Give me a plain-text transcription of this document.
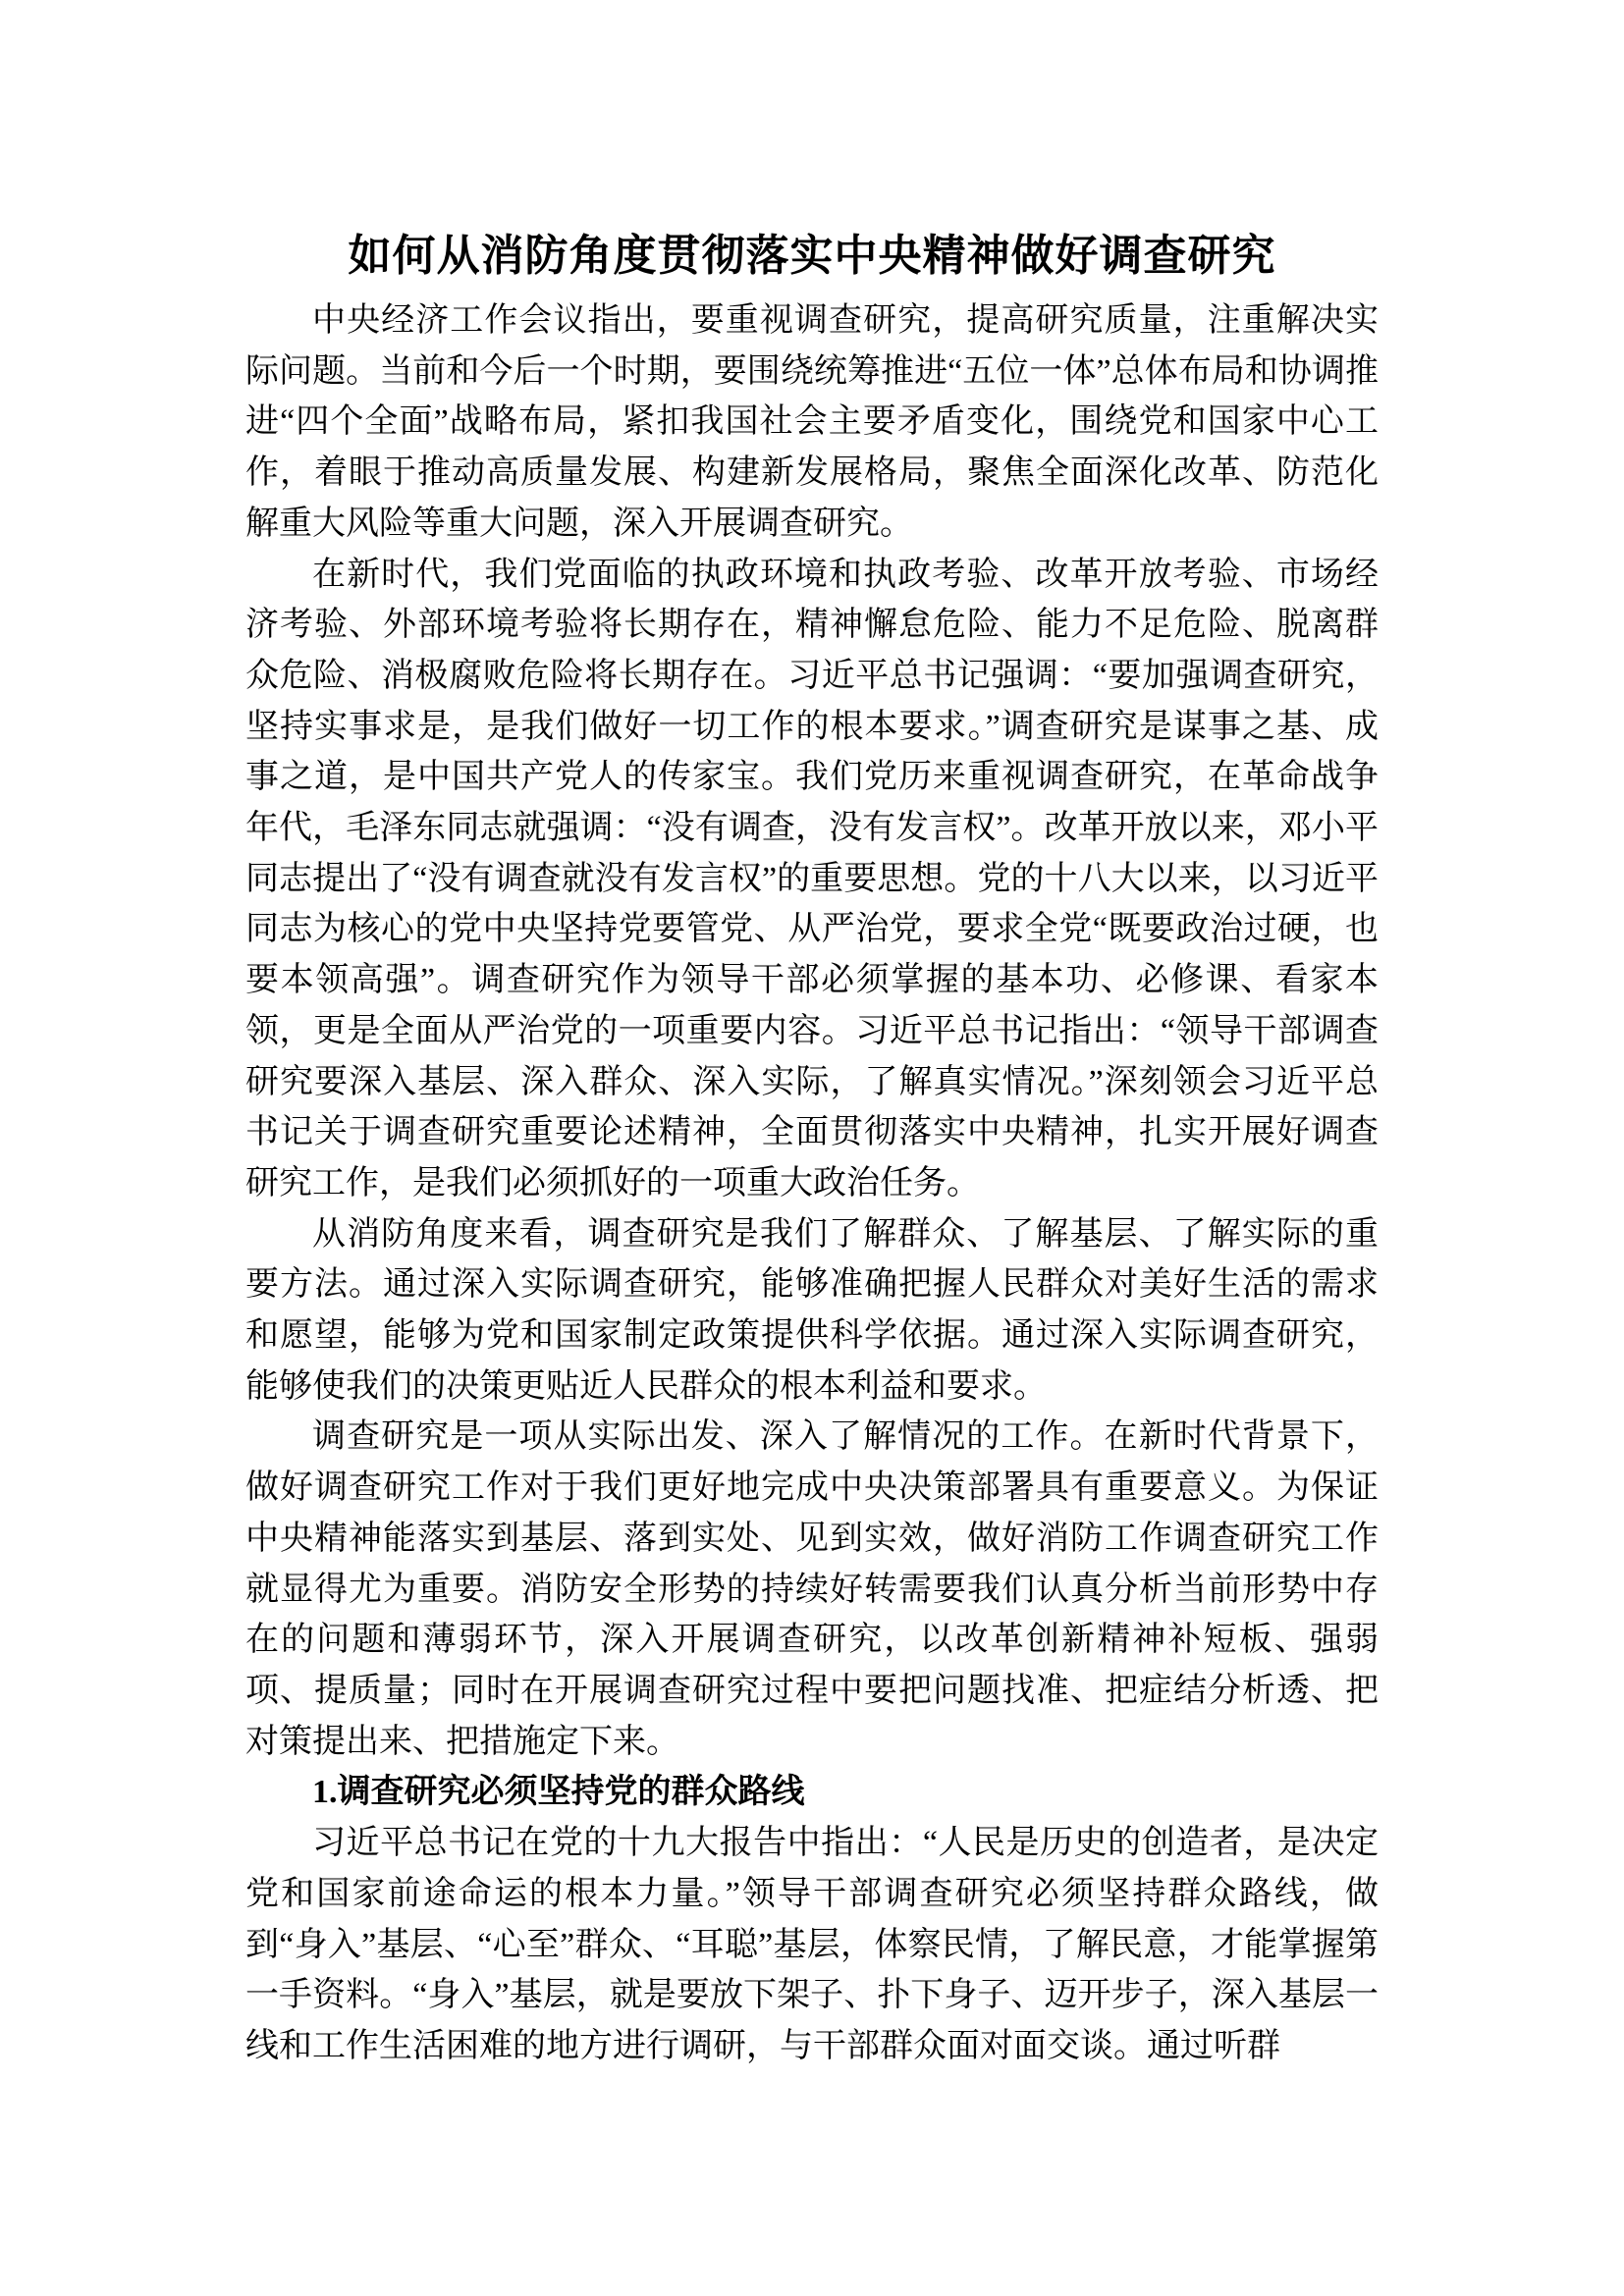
如何从消防角度贯彻落实中央精神做好调查研究

中央经济工作会议指出，要重视调查研究，提高研究质量，注重解决实际问题。当前和今后一个时期，要围绕统筹推进“五位一体”总体布局和协调推进“四个全面”战略布局，紧扣我国社会主要矛盾变化，围绕党和国家中心工作，着眼于推动高质量发展、构建新发展格局，聚焦全面深化改革、防范化解重大风险等重大问题，深入开展调查研究。

在新时代，我们党面临的执政环境和执政考验、改革开放考验、市场经济考验、外部环境考验将长期存在，精神懈怠危险、能力不足危险、脱离群众危险、消极腐败危险将长期存在。习近平总书记强调：“要加强调查研究，坚持实事求是，是我们做好一切工作的根本要求。”调查研究是谋事之基、成事之道，是中国共产党人的传家宝。我们党历来重视调查研究，在革命战争年代，毛泽东同志就强调：“没有调查，没有发言权”。改革开放以来，邓小平同志提出了“没有调查就没有发言权”的重要思想。党的十八大以来，以习近平同志为核心的党中央坚持党要管党、从严治党，要求全党“既要政治过硬，也要本领高强”。调查研究作为领导干部必须掌握的基本功、必修课、看家本领，更是全面从严治党的一项重要内容。习近平总书记指出：“领导干部调查研究要深入基层、深入群众、深入实际，了解真实情况。”深刻领会习近平总书记关于调查研究重要论述精神，全面贯彻落实中央精神，扎实开展好调查研究工作，是我们必须抓好的一项重大政治任务。

从消防角度来看，调查研究是我们了解群众、了解基层、了解实际的重要方法。通过深入实际调查研究，能够准确把握人民群众对美好生活的需求和愿望，能够为党和国家制定政策提供科学依据。通过深入实际调查研究，能够使我们的决策更贴近人民群众的根本利益和要求。

调查研究是一项从实际出发、深入了解情况的工作。在新时代背景下，做好调查研究工作对于我们更好地完成中央决策部署具有重要意义。为保证中央精神能落实到基层、落到实处、见到实效，做好消防工作调查研究工作就显得尤为重要。消防安全形势的持续好转需要我们认真分析当前形势中存在的问题和薄弱环节，深入开展调查研究，以改革创新精神补短板、强弱项、提质量；同时在开展调查研究过程中要把问题找准、把症结分析透、把对策提出来、把措施定下来。

1.调查研究必须坚持党的群众路线

习近平总书记在党的十九大报告中指出：“人民是历史的创造者，是决定党和国家前途命运的根本力量。”领导干部调查研究必须坚持群众路线，做到“身入”基层、“心至”群众、“耳聪”基层，体察民情，了解民意，才能掌握第一手资料。“身入”基层，就是要放下架子、扑下身子、迈开步子，深入基层一线和工作生活困难的地方进行调研，与干部群众面对面交谈。通过听群
